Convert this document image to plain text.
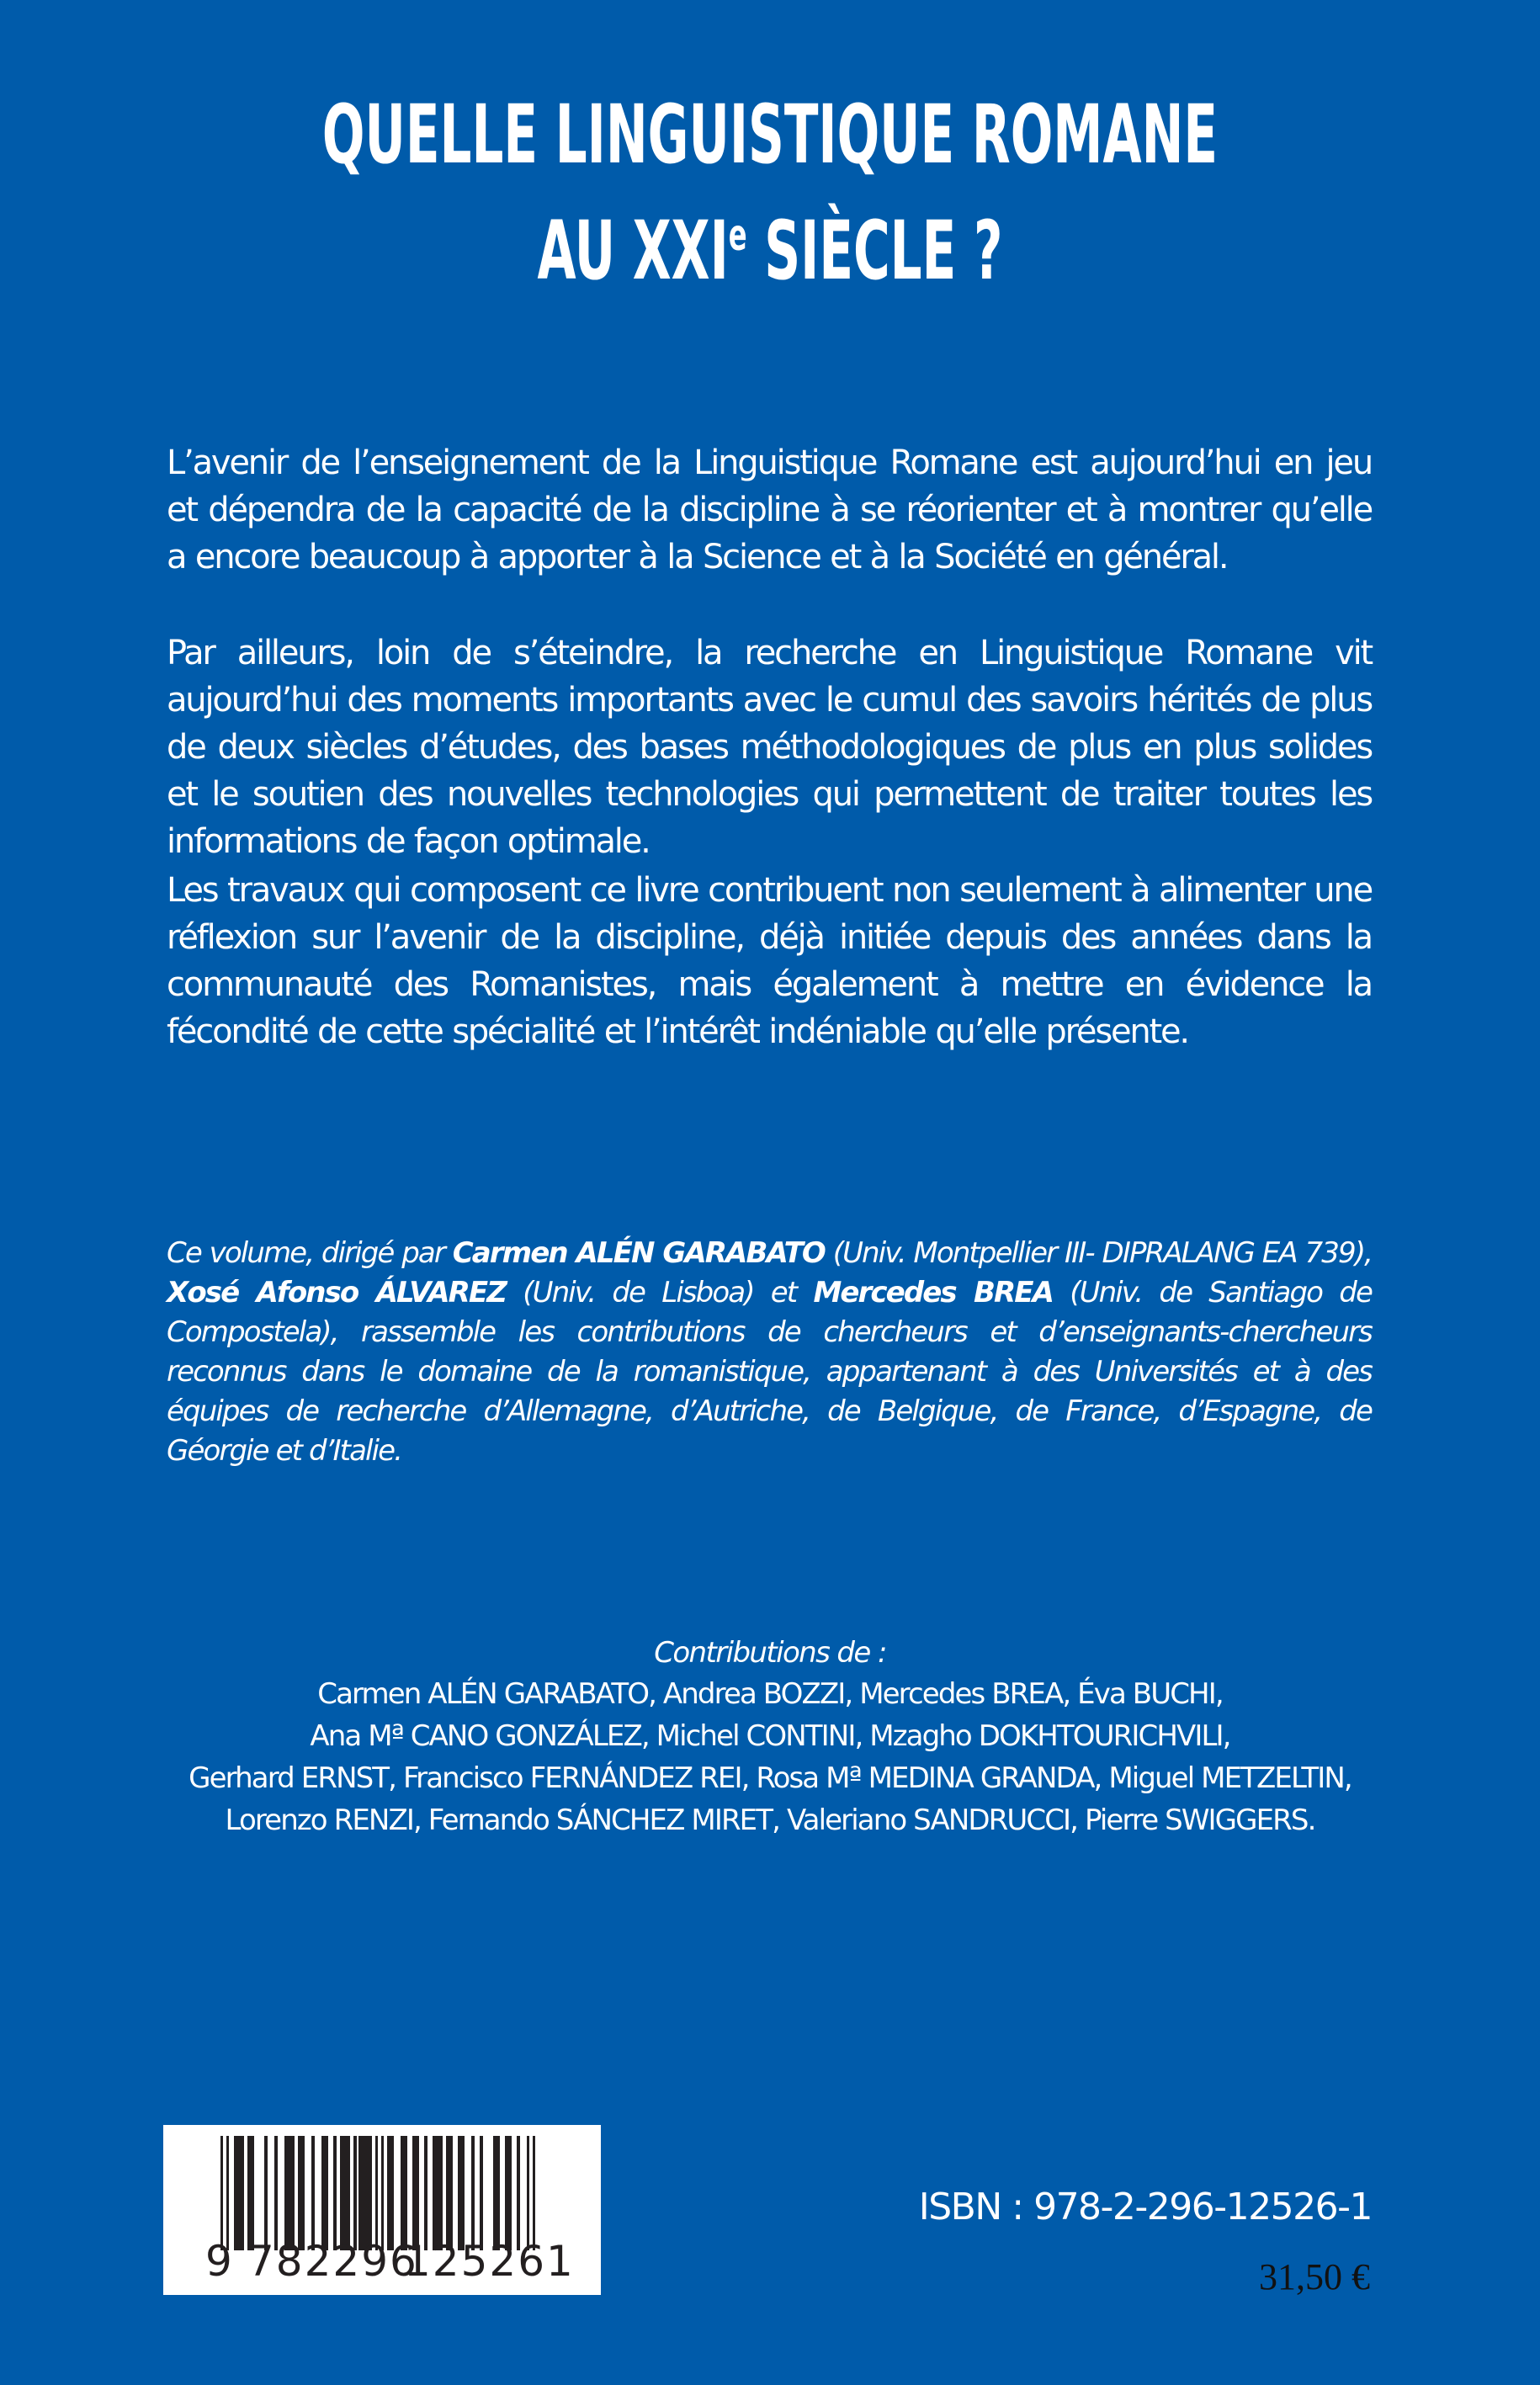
QUELLE LINGUISTIQUE ROMANE
AU XXIe SIÈCLE ?

L’avenir de l’enseignement de la Linguistique Romane est aujourd’hui en jeu et dépendra de la capacité de la discipline à se réorienter et à montrer qu’elle a encore beaucoup à apporter à la Science et à la Société en général.

Par ailleurs, loin de s’éteindre, la recherche en Linguistique Romane vit aujourd’hui des moments importants avec le cumul des savoirs hérités de plus de deux siècles d’études, des bases méthodologiques de plus en plus solides et le soutien des nouvelles technologies qui permettent de traiter toutes les informations de façon optimale.

Les travaux qui composent ce livre contribuent non seulement à alimenter une réflexion sur l’avenir de la discipline, déjà initiée depuis des années dans la communauté des Romanistes, mais également à mettre en évidence la fécondité de cette spécialité et l’intérêt indéniable qu’elle présente.

Ce volume, dirigé par Carmen ALÉN GARABATO (Univ. Montpellier III- DIPRALANG EA 739), Xosé Afonso ÁLVAREZ (Univ. de Lisboa) et Mercedes BREA (Univ. de Santiago de Compostela), rassemble les contributions de chercheurs et d’enseignants-chercheurs reconnus dans le domaine de la romanistique, appartenant à des Universités et à des équipes de recherche d’Allemagne, d’Autriche, de Belgique, de France, d’Espagne, de Géorgie et d’Italie.

Contributions de :
Carmen ALÉN GARABATO, Andrea BOZZI, Mercedes BREA, Éva BUCHI,
Ana Mª CANO GONZÁLEZ, Michel CONTINI, Mzagho DOKHTOURICHVILI,
Gerhard ERNST, Francisco FERNÁNDEZ REI, Rosa Mª MEDINA GRANDA, Miguel METZELTIN,
Lorenzo RENZI, Fernando SÁNCHEZ MIRET, Valeriano SANDRUCCI, Pierre SWIGGERS.
9 782296
125261
ISBN : 978-2-296-12526-1
31,50 €
